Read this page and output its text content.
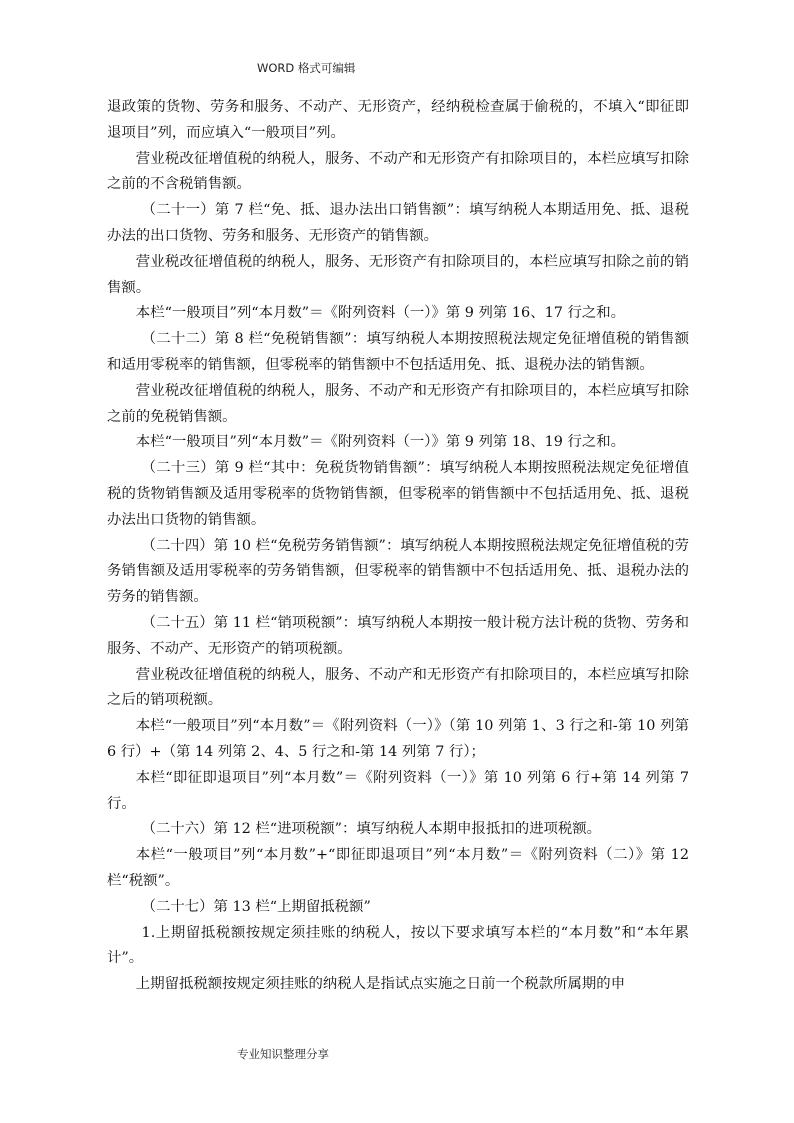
WORD 格式可编辑

退政策的货物、劳务和服务、不动产、无形资产，经纳税检查属于偷税的，不填入“即征即退项目”列，而应填入“一般项目”列。

营业税改征增值税的纳税人，服务、不动产和无形资产有扣除项目的，本栏应填写扣除之前的不含税销售额。

（二十一）第 7 栏“免、抵、退办法出口销售额”：填写纳税人本期适用免、抵、退税办法的出口货物、劳务和服务、无形资产的销售额。

营业税改征增值税的纳税人，服务、无形资产有扣除项目的，本栏应填写扣除之前的销售额。

本栏“一般项目”列“本月数”＝《附列资料（一）》第 9 列第 16、17 行之和。

（二十二）第 8 栏“免税销售额”：填写纳税人本期按照税法规定免征增值税的销售额和适用零税率的销售额，但零税率的销售额中不包括适用免、抵、退税办法的销售额。

营业税改征增值税的纳税人，服务、不动产和无形资产有扣除项目的，本栏应填写扣除之前的免税销售额。

本栏“一般项目”列“本月数”＝《附列资料（一）》第 9 列第 18、19 行之和。

（二十三）第 9 栏“其中：免税货物销售额”：填写纳税人本期按照税法规定免征增值税的货物销售额及适用零税率的货物销售额，但零税率的销售额中不包括适用免、抵、退税办法出口货物的销售额。

（二十四）第 10 栏“免税劳务销售额”：填写纳税人本期按照税法规定免征增值税的劳务销售额及适用零税率的劳务销售额，但零税率的销售额中不包括适用免、抵、退税办法的劳务的销售额。

（二十五）第 11 栏“销项税额”：填写纳税人本期按一般计税方法计税的货物、劳务和服务、不动产、无形资产的销项税额。

营业税改征增值税的纳税人，服务、不动产和无形资产有扣除项目的，本栏应填写扣除之后的销项税额。

本栏“一般项目”列“本月数”＝《附列资料（一）》（第 10 列第 1、3 行之和-第 10 列第 6 行）+（第 14 列第 2、4、5 行之和-第 14 列第 7 行）；

本栏“即征即退项目”列“本月数”＝《附列资料（一）》第 10 列第 6 行+第 14 列第 7 行。

（二十六）第 12 栏“进项税额”：填写纳税人本期申报抵扣的进项税额。

本栏“一般项目”列“本月数”+“即征即退项目”列“本月数”＝《附列资料（二）》第 12 栏“税额”。

（二十七）第 13 栏“上期留抵税额”

1.上期留抵税额按规定须挂账的纳税人，按以下要求填写本栏的“本月数”和“本年累计”。

上期留抵税额按规定须挂账的纳税人是指试点实施之日前一个税款所属期的申

专业知识整理分享
